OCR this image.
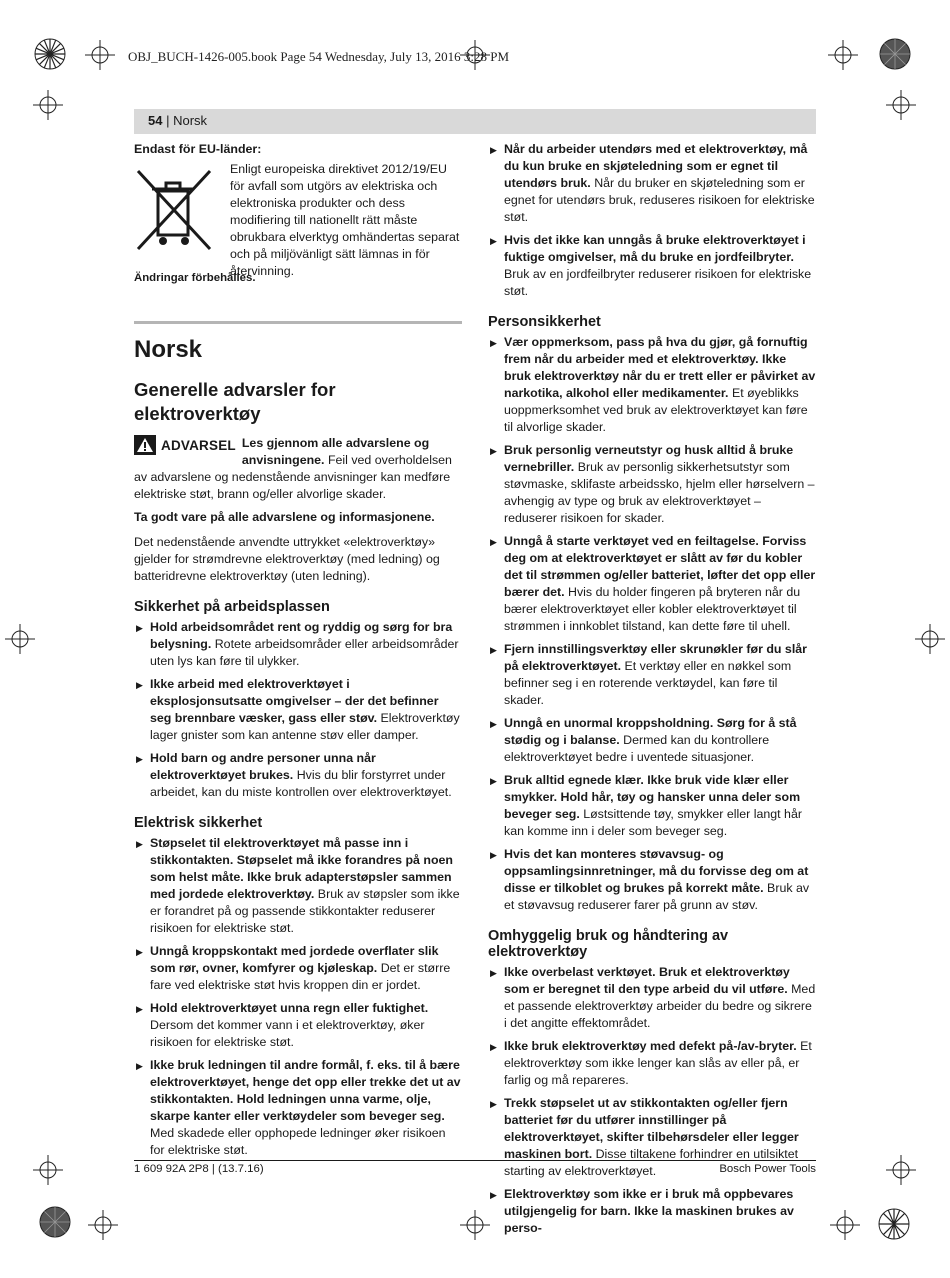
OBJ_BUCH-1426-005.book Page 54 Wednesday, July 13, 2016 3:28 PM
54 | Norsk

Endast för EU-länder:

Enligt europeiska direktivet 2012/19/EU för avfall som utgörs av elektriska och elektroniska produkter och dess modifiering till nationellt rätt måste obrukbara elverktyg omhändertas separat och på miljövänligt sätt lämnas in för återvinning.

Ändringar förbehålles.

Norsk
Generelle advarsler for elektroverktøy
ADVARSEL Les gjennom alle advarslene og anvisningene. Feil ved overholdelsen av advarslene og nedenstående anvisninger kan medføre elektriske støt, brann og/eller alvorlige skader.

Ta godt vare på alle advarslene og informasjonene.

Det nedenstående anvendte uttrykket «elektroverktøy» gjelder for strømdrevne elektroverktøy (med ledning) og batteridrevne elektroverktøy (uten ledning).

Sikkerhet på arbeidsplassen
▶ Hold arbeidsområdet rent og ryddig og sørg for bra belysning. Rotete arbeidsområder eller arbeidsområder uten lys kan føre til ulykker.
▶ Ikke arbeid med elektroverktøyet i eksplosjonsutsatte omgivelser – der det befinner seg brennbare væsker, gass eller støv. Elektroverktøy lager gnister som kan antenne støv eller damper.
▶ Hold barn og andre personer unna når elektroverktøyet brukes. Hvis du blir forstyrret under arbeidet, kan du miste kontrollen over elektroverktøyet.
Elektrisk sikkerhet
▶ Støpselet til elektroverktøyet må passe inn i stikkontakten. Støpselet må ikke forandres på noen som helst måte. Ikke bruk adapterstøpsler sammen med jordede elektroverktøy. Bruk av støpsler som ikke er forandret på og passende stikkontakter reduserer risikoen for elektriske støt.
▶ Unngå kroppskontakt med jordede overflater slik som rør, ovner, komfyrer og kjøleskap. Det er større fare ved elektriske støt hvis kroppen din er jordet.
▶ Hold elektroverktøyet unna regn eller fuktighet. Dersom det kommer vann i et elektroverktøy, øker risikoen for elektriske støt.
▶ Ikke bruk ledningen til andre formål, f. eks. til å bære elektroverktøyet, henge det opp eller trekke det ut av stikkontakten. Hold ledningen unna varme, olje, skarpe kanter eller verktøydeler som beveger seg. Med skadede eller opphopede ledninger øker risikoen for elektriske støt.
▶ Når du arbeider utendørs med et elektroverktøy, må du kun bruke en skjøteledning som er egnet til utendørs bruk. Når du bruker en skjøteledning som er egnet for utendørs bruk, reduseres risikoen for elektriske støt.
▶ Hvis det ikke kan unngås å bruke elektroverktøyet i fuktige omgivelser, må du bruke en jordfeilbryter. Bruk av en jordfeilbryter reduserer risikoen for elektriske støt.
Personsikkerhet
▶ Vær oppmerksom, pass på hva du gjør, gå fornuftig frem når du arbeider med et elektroverktøy. Ikke bruk elektroverktøy når du er trett eller er påvirket av narkotika, alkohol eller medikamenter. Et øyeblikks uoppmerksomhet ved bruk av elektroverktøyet kan føre til alvorlige skader.
▶ Bruk personlig verneutstyr og husk alltid å bruke vernebriller. Bruk av personlig sikkerhetsutstyr som støvmaske, sklifaste arbeidssko, hjelm eller hørselvern – avhengig av type og bruk av elektroverktøyet – reduserer risikoen for skader.
▶ Unngå å starte verktøyet ved en feiltagelse. Forviss deg om at elektroverktøyet er slått av før du kobler det til strømmen og/eller batteriet, løfter det opp eller bærer det. Hvis du holder fingeren på bryteren når du bærer elektroverktøyet eller kobler elektroverktøyet til strømmen i innkoblet tilstand, kan dette føre til uhell.
▶ Fjern innstillingsverktøy eller skrunøkler før du slår på elektroverktøyet. Et verktøy eller en nøkkel som befinner seg i en roterende verktøydel, kan føre til skader.
▶ Unngå en unormal kroppsholdning. Sørg for å stå stødig og i balanse. Dermed kan du kontrollere elektroverktøyet bedre i uventede situasjoner.
▶ Bruk alltid egnede klær. Ikke bruk vide klær eller smykker. Hold hår, tøy og hansker unna deler som beveger seg. Løstsittende tøy, smykker eller langt hår kan komme inn i deler som beveger seg.
▶ Hvis det kan monteres støvavsug- og oppsamlingsinnretninger, må du forvisse deg om at disse er tilkoblet og brukes på korrekt måte. Bruk av et støvavsug reduserer farer på grunn av støv.
Omhyggelig bruk og håndtering av elektroverktøy
▶ Ikke overbelast verktøyet. Bruk et elektroverktøy som er beregnet til den type arbeid du vil utføre. Med et passende elektroverktøy arbeider du bedre og sikrere i det angitte effektområdet.
▶ Ikke bruk elektroverktøy med defekt på-/av-bryter. Et elektroverktøy som ikke lenger kan slås av eller på, er farlig og må repareres.
▶ Trekk støpselet ut av stikkontakten og/eller fjern batteriet før du utfører innstillinger på elektroverktøyet, skifter tilbehørsdeler eller legger maskinen bort. Disse tiltakene forhindrer en utilsiktet starting av elektroverktøyet.
▶ Elektroverktøy som ikke er i bruk må oppbevares utilgjengelig for barn. Ikke la maskinen brukes av perso-
1 609 92A 2P8 | (13.7.16)	Bosch Power Tools
